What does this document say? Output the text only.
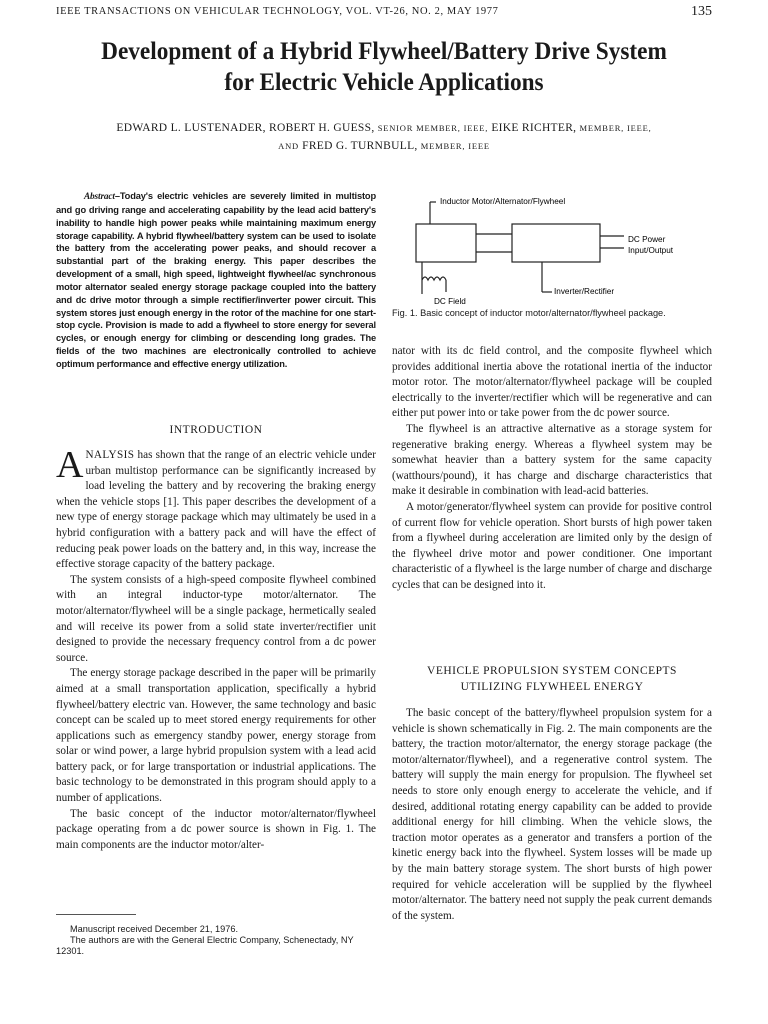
IEEE TRANSACTIONS ON VEHICULAR TECHNOLOGY, VOL. VT-26, NO. 2, MAY 1977	135
Development of a Hybrid Flywheel/Battery Drive System
for Electric Vehicle Applications
EDWARD L. LUSTENADER, ROBERT H. GUESS, SENIOR MEMBER, IEEE, EIKE RICHTER, MEMBER, IEEE,
AND FRED G. TURNBULL, MEMBER, IEEE
Abstract–Today's electric vehicles are severely limited in multistop and go driving range and accelerating capability by the lead acid battery's inability to handle high power peaks while maintaining maximum energy storage capability. A hybrid flywheel/battery system can be used to isolate the battery from the accelerating power peaks, and should recover a substantial part of the braking energy. This paper describes the development of a small, high speed, lightweight flywheel/ac synchronous motor alternator sealed energy storage package coupled into the battery and dc drive motor through a simple rectifier/inverter power circuit. This system stores just enough energy in the rotor of the machine for one start-stop cycle. Provision is made to add a flywheel to store energy for several cycles, or enough energy for climbing or descending long grades. The fields of the two machines are electronically controlled to achieve optimum performance and effective energy utilization.
INTRODUCTION

ANALYSIS has shown that the range of an electric vehicle under urban multistop performance can be significantly increased by load leveling the battery and by recovering the braking energy when the vehicle stops [1]. This paper describes the development of a new type of energy storage package which may ultimately be used in a hybrid configuration with a battery pack and will have the effect of reducing peak power loads on the battery and, in this way, increase the effective storage capacity of the battery package.

The system consists of a high-speed composite flywheel combined with an integral inductor-type motor/alternator. The motor/alternator/flywheel will be a single package, hermetically sealed and will receive its power from a solid state inverter/rectifier unit designed to provide the necessary frequency control from a dc power source.

The energy storage package described in the paper will be primarily aimed at a small transportation application, specifically a hybrid flywheel/battery electric van. However, the same technology and basic concept can be scaled up to meet stored energy requirements for other applications such as emergency standby power, energy storage from solar or wind power, a large hybrid propulsion system with a lead acid battery pack, or for large transportation or industrial applications. The basic technology to be demonstrated in this program should apply to a number of applications.

The basic concept of the inductor motor/alternator/flywheel package operating from a dc power source is shown in Fig. 1. The main components are the inductor motor/alter-

Manuscript received December 21, 1976.

The authors are with the General Electric Company, Schenectady, NY 12301.

Inductor Motor/Alternator/Flywheel
DC Power
Input/Output
Inverter/Rectifier
DC Field
Fig. 1. Basic concept of inductor motor/alternator/flywheel package.

nator with its dc field control, and the composite flywheel which provides additional inertia above the rotational inertia of the inductor motor rotor. The motor/alternator/flywheel package will be coupled electrically to the inverter/rectifier which will be regenerative and can either put power into or take power from the dc power source.

The flywheel is an attractive alternative as a storage system for regenerative braking energy. Whereas a flywheel system may be somewhat heavier than a battery system for the same capacity (watthours/pound), it has charge and discharge characteristics that make it desirable in combination with lead-acid batteries.

A motor/generator/flywheel system can provide for positive control of current flow for vehicle operation. Short bursts of high power taken from a flywheel during acceleration are limited only by the design of the flywheel drive motor and power conditioner. One important characteristic of a flywheel is the large number of charge and discharge cycles that can be designed into it.

VEHICLE PROPULSION SYSTEM CONCEPTS
UTILIZING FLYWHEEL ENERGY

The basic concept of the battery/flywheel propulsion system for a vehicle is shown schematically in Fig. 2. The main components are the battery, the traction motor/alternator, the energy storage package (the motor/alternator/flywheel), and a regenerative control system. The battery will supply the main energy for propulsion. The flywheel set needs to store only enough energy to accelerate the vehicle, and if desired, additional rotating energy capability can be added to provide additional energy for hill climbing. When the vehicle slows, the traction motor operates as a generator and transfers a portion of the kinetic energy back into the flywheel. System losses will be made up by the main battery storage system. The short bursts of high power required for vehicle acceleration will be supplied by the flywheel motor/alternator. The battery need not supply the peak current demands of the system.
